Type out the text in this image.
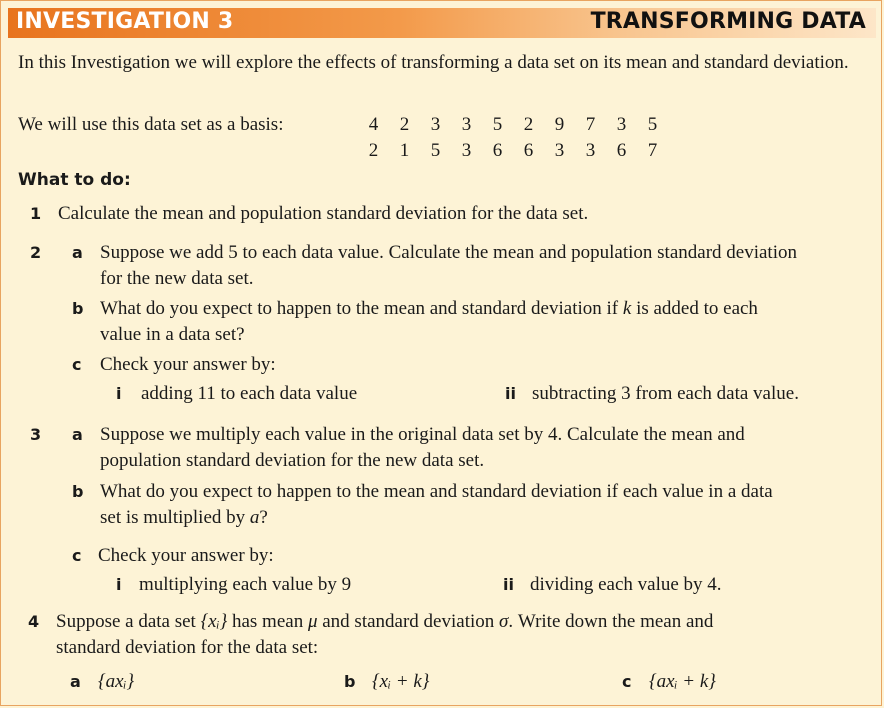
INVESTIGATION 3	TRANSFORMING DATA
In this Investigation we will explore the effects of transforming a data set on its mean and standard deviation.
We will use this data set as a basis:	4	2	3	3	5	2	9	7	3	5
2	1	5	3	6	6	3	3	6	7
What to do:
1 Calculate the mean and population standard deviation for the data set.
2 a Suppose we add 5 to each data value. Calculate the mean and population standard deviation
for the new data set.
b What do you expect to happen to the mean and standard deviation if k is added to each
value in a data set?
c Check your answer by:
i adding 11 to each data value	ii subtracting 3 from each data value.
3 a Suppose we multiply each value in the original data set by 4. Calculate the mean and
population standard deviation for the new data set.
b What do you expect to happen to the mean and standard deviation if each value in a data
set is multiplied by a?
c Check your answer by:
i multiplying each value by 9	ii dividing each value by 4.
4 Suppose a data set {xᵢ} has mean μ and standard deviation σ. Write down the mean and
standard deviation for the data set:
a {axᵢ}	b {xᵢ + k}	c {axᵢ + k}
